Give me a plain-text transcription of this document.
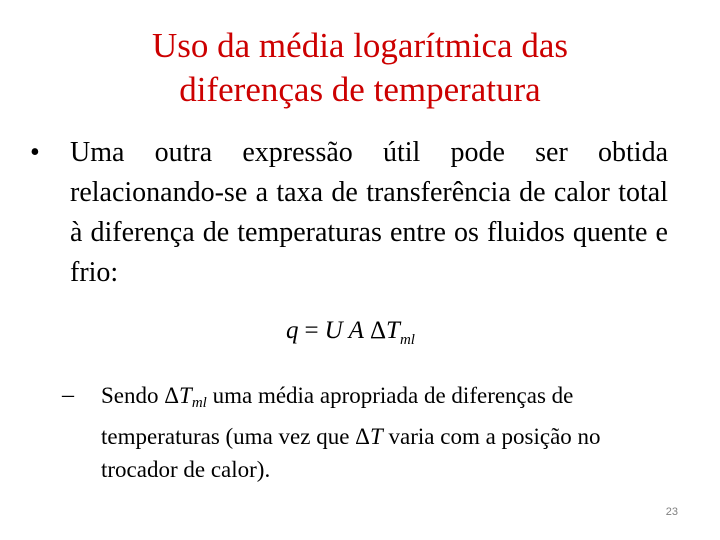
Uso da média logarítmica das
diferenças de temperatura
• Uma outra expressão útil pode ser obtida relacionando-se a taxa de transferência de calor total à diferença de temperaturas entre os fluidos quente e frio:
q = U A $\Delta T_{ml}$
– Sendo ΔTml uma média apropriada de diferenças de temperaturas (uma vez que ΔT varia com a posição no trocador de calor).
23
